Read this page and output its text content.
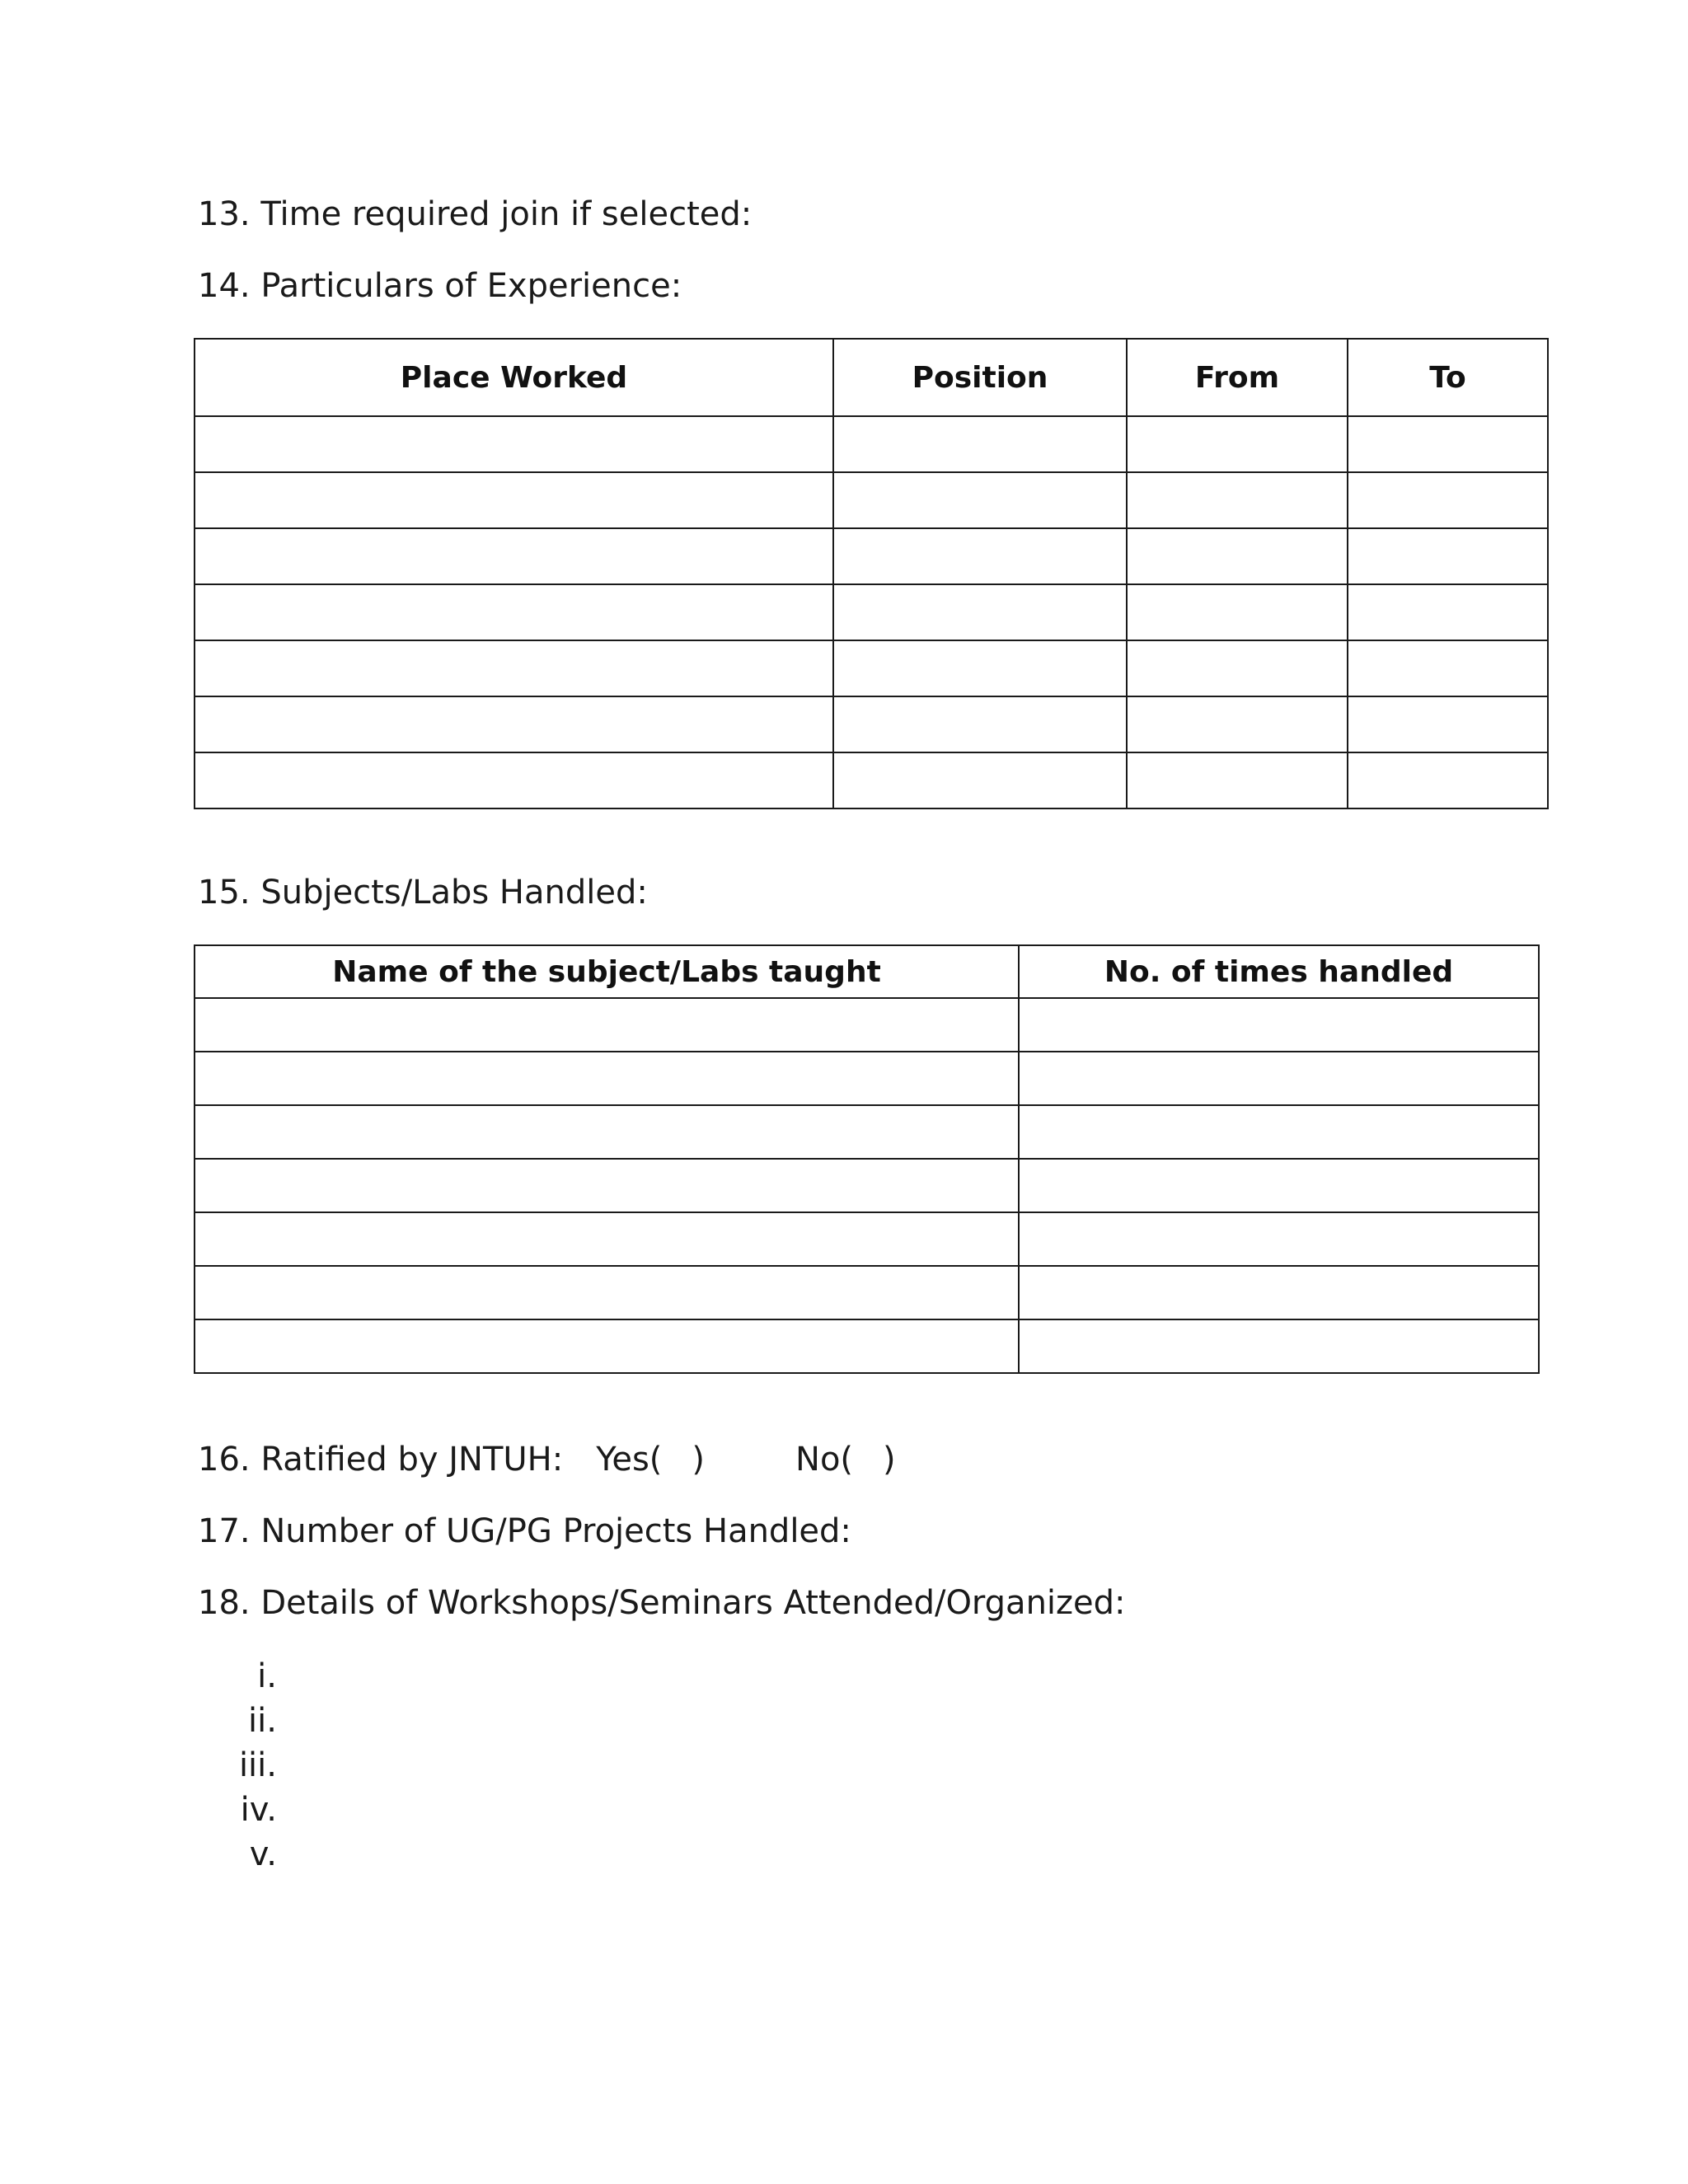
13. Time required join if selected:

14. Particulars of Experience:

Place Worked	Position	From	To

15. Subjects/Labs Handled:

Name of the subject/Labs taught	No. of times handled

16. Ratified by JNTUH: Yes( )	No( )

17. Number of UG/PG Projects Handled:

18. Details of Workshops/Seminars Attended/Organized:

i.
ii.
iii.
iv.
v.
